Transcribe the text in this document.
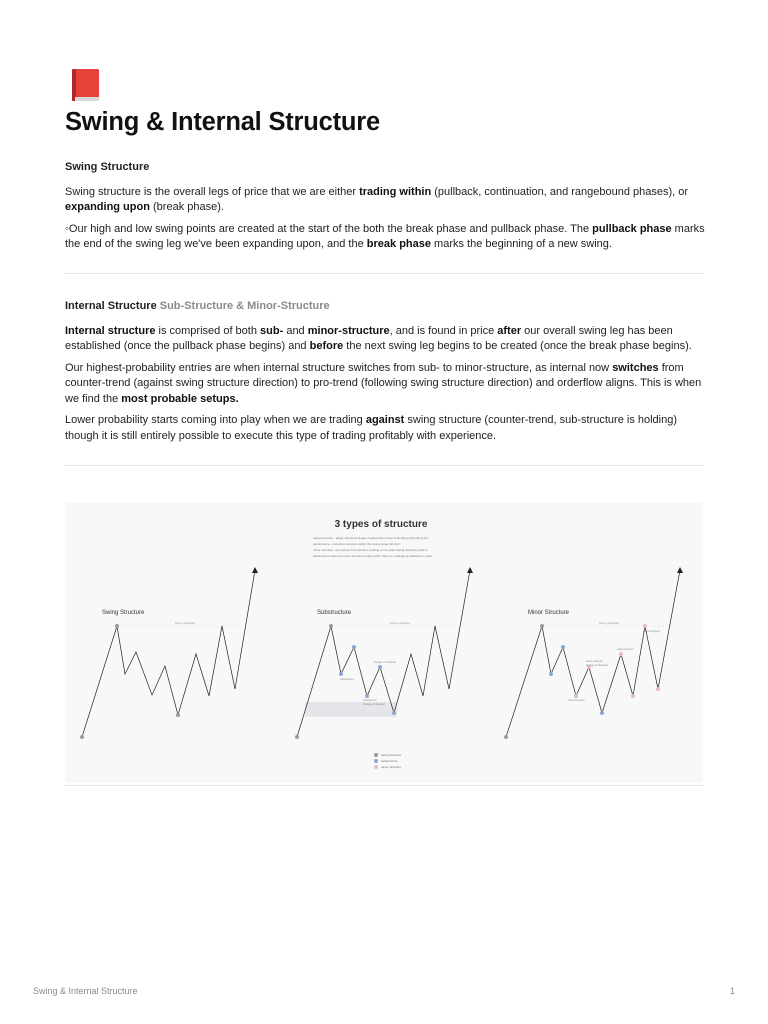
Swing & Internal Structure

Swing Structure

Swing structure is the overall legs of price that we are either trading within (pullback, continuation, and rangebound phases), or expanding upon (break phase).

◦Our high and low swing points are created at the start of the both the break phase and pullback phase. The pullback phase marks the end of the swing leg we've been expanding upon, and the break phase marks the beginning of a new swing.

Internal Structure Sub-Structure & Minor-Structure

Internal structure is comprised of both sub- and minor-structure, and is found in price after our overall swing leg has been established (once the pullback phase begins) and before the next swing leg begins to be created (once the break phase begins).

Our highest-probability entries are when internal structure switches from sub- to minor-structure, as internal now switches from counter-trend (against swing structure direction) to pro-trend (following swing structure direction) and orderflow aligns. This is when we find the most probable setups.

Lower probability starts coming into play when we are trading against swing structure (counter-trend, sub-structure is holding) though it is still entirely possible to execute this type of trading profitably with experience.

3 types of structure
swing structure - larger structural ranges created when price is trending (HH,HL/LH,LL)
substructure - corrective structure within the swing range (HL/LH)
minor structure - pro-swing trend structure looking to run stops swing structure (HL/LL)
substructure ends and minor structure begins when there is a change of character in price
Swing Structure	Substructure	Minor Structure
swing structure	swing structure
substructure
change of character
substructure
change of character
swing structure
minor structure
change of character
minor structure
swing structure
minor structure
swing structure
substructure
minor structure
Swing & Internal Structure	1
